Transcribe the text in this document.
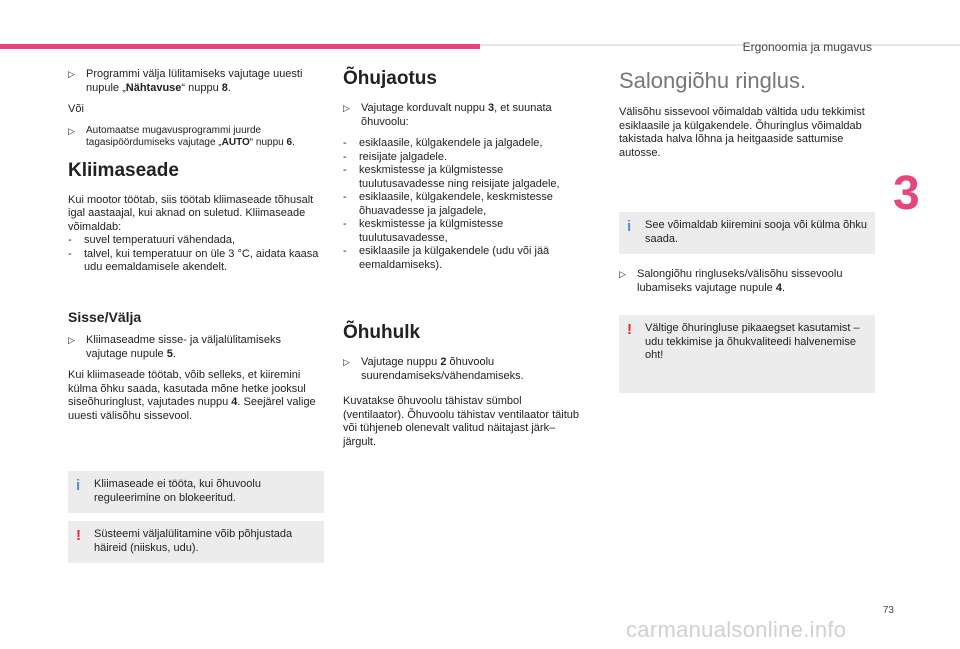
Ergonoomia ja mugavus
3
▷	Programmi välja lülitamiseks vajutage uuesti nupule „Nähtavuse“ nuppu 8.

Või

▷	Automaatse mugavusprogrammi juurde tagasipöördumiseks vajutage „AUTO“ nuppu 6.
Kliimaseade

Kui mootor töötab, siis töötab kliimaseade tõhusalt igal aastaajal, kui aknad on suletud. Kliimaseade võimaldab:

-	suvel temperatuuri vähendada,
-	talvel, kui temperatuur on üle 3 °C, aidata kaasa udu eemaldamisele akendelt.
Sisse/Välja
▷	Kliimaseadme sisse- ja väljalülitamiseks vajutage nupule 5.

Kui kliimaseade töötab, võib selleks, et kiiremini külma õhku saada, kasutada mõne hetke jooksul siseõhuringlust, vajutades nuppu 4. Seejärel valige uuesti välisõhu sissevool.

i	Kliimaseade ei tööta, kui õhuvoolu reguleerimine on blokeeritud.
!	Süsteemi väljalülitamine võib põhjustada häireid (niiskus, udu).
Õhujaotus
▷	Vajutage korduvalt nuppu 3, et suunata õhuvoolu:
-	esiklaasile, külgakendele ja jalgadele,
-	reisijate jalgadele.
-	keskmistesse ja külgmistesse tuulutusavadesse ning reisijate jalgadele,
-	esiklaasile, külgakendele, keskmistesse õhuavadesse ja jalgadele,
-	keskmistesse ja külgmistesse tuulutusavadesse,
-	esiklaasile ja külgakendele (udu või jää eemaldamiseks).
Õhuhulk
▷	Vajutage nuppu 2 õhuvoolu suurendamiseks/vähendamiseks.

Kuvatakse õhuvoolu tähistav sümbol (ventilaator). Õhuvoolu tähistav ventilaator täitub või tühjeneb olenevalt valitud näitajast järk–järgult.

Salongiõhu ringlus.

Välisõhu sissevool võimaldab vältida udu tekkimist esiklaasile ja külgakendele. Õhuringlus võimaldab takistada halva lõhna ja heitgaaside sattumise autosse.

i	See võimaldab kiiremini sooja või külma õhku saada.
▷	Salongiõhu ringluseks/välisõhu sissevoolu lubamiseks vajutage nupule 4.
!	Vältige õhuringluse pikaaegset kasutamist – udu tekkimise ja õhukvaliteedi halvenemise oht!
73
carmanualsonline.info
